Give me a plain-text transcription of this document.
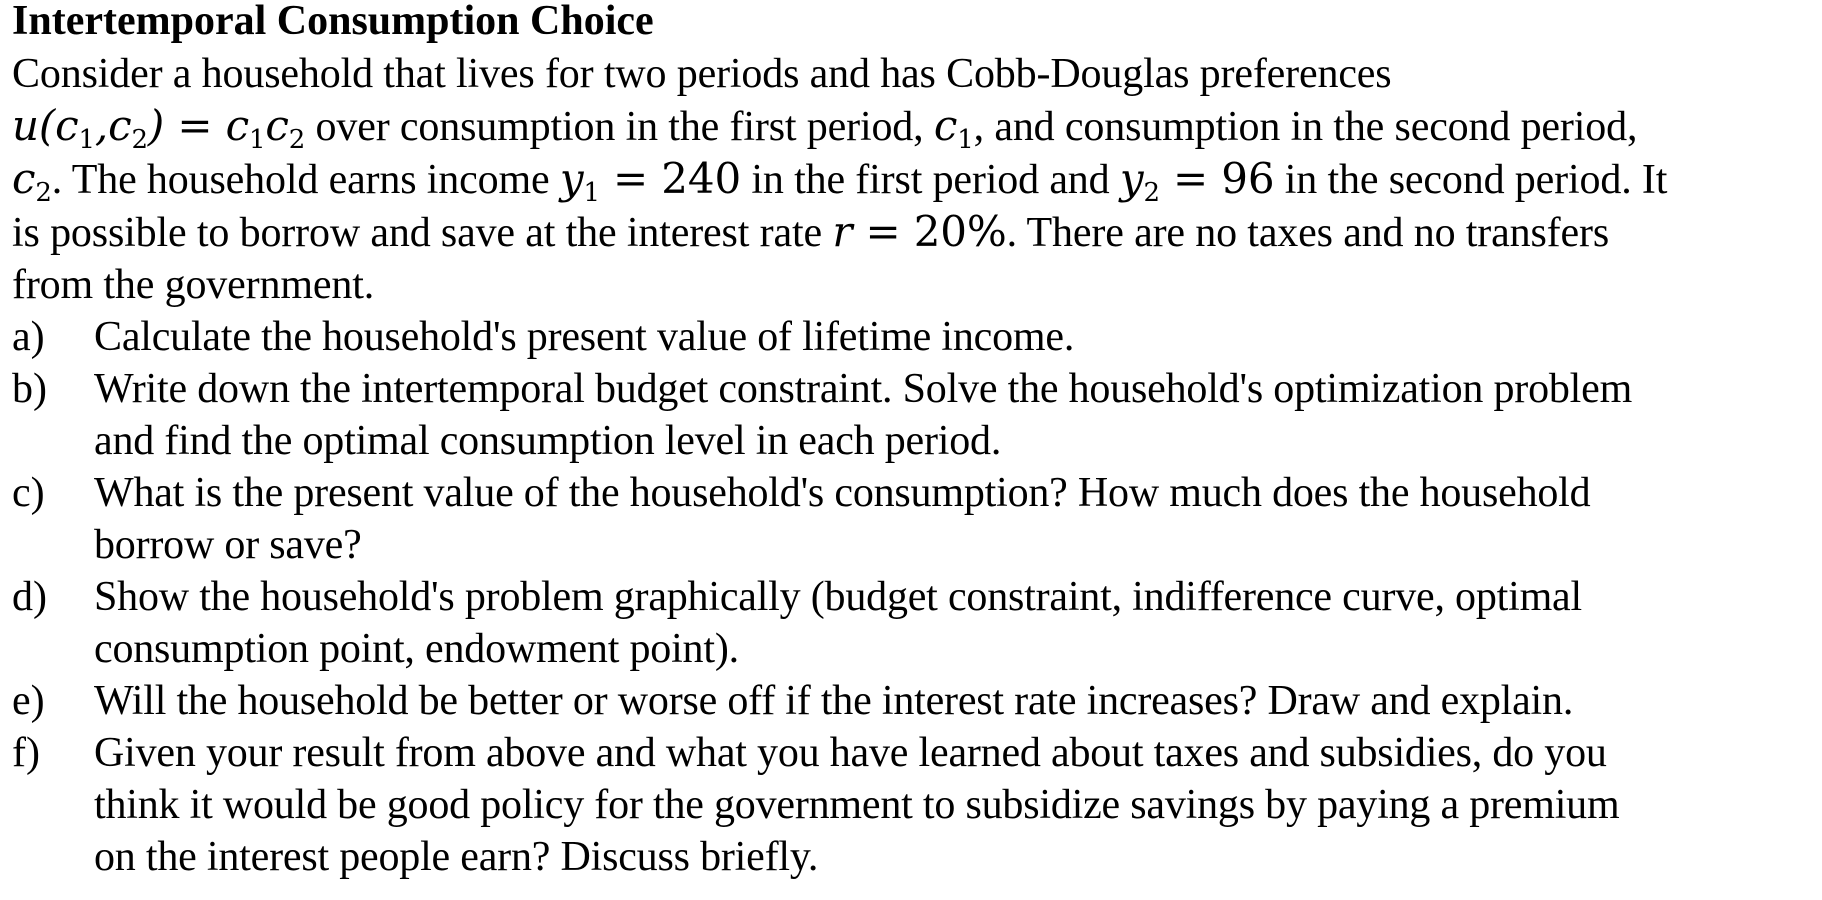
Intertemporal Consumption Choice

Consider a household that lives for two periods and has Cobb-Douglas preferences

$u(c_1,c_2) = c_1c_2$ over consumption in the first period, $c_1$, and consumption in the second period,

$c_2$. The household earns income $y_1 = 240$ in the first period and $y_2 = 96$ in the second period. It

is possible to borrow and save at the interest rate r = 20%. There are no taxes and no transfers

from the government.

a)	Calculate the household's present value of lifetime income.
b)	Write down the intertemporal budget constraint. Solve the household's optimization problem
and find the optimal consumption level in each period.
c)	What is the present value of the household's consumption? How much does the household
borrow or save?
d)	Show the household's problem graphically (budget constraint, indifference curve, optimal
consumption point, endowment point).
e)	Will the household be better or worse off if the interest rate increases? Draw and explain.
f)	Given your result from above and what you have learned about taxes and subsidies, do you
think it would be good policy for the government to subsidize savings by paying a premium
on the interest people earn? Discuss briefly.
